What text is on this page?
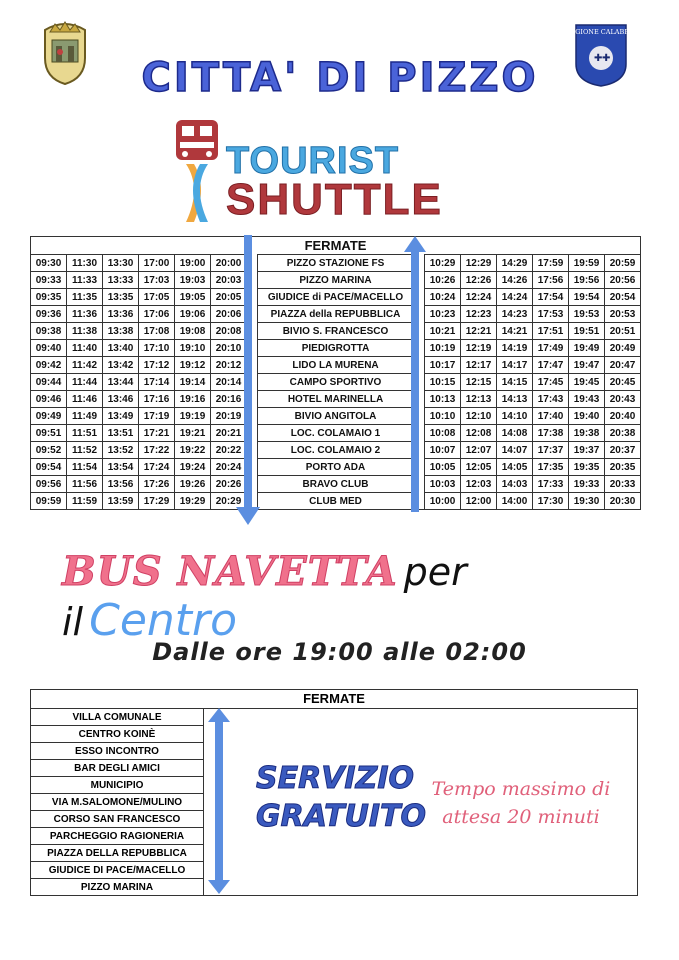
CITTA' DI PIZZO	✚ ✚
REGIONE CALABRIA
TOURIST
SHUTTLE
							FERMATE							
09:30	11:30	13:30	17:00	19:00	20:00		PIZZO STAZIONE FS		10:29	12:29	14:29	17:59	19:59	20:59
09:33	11:33	13:33	17:03	19:03	20:03		PIZZO MARINA		10:26	12:26	14:26	17:56	19:56	20:56
09:35	11:35	13:35	17:05	19:05	20:05		GIUDICE di PACE/MACELLO		10:24	12:24	14:24	17:54	19:54	20:54
09:36	11:36	13:36	17:06	19:06	20:06		PIAZZA della REPUBBLICA		10:23	12:23	14:23	17:53	19:53	20:53
09:38	11:38	13:38	17:08	19:08	20:08		BIVIO S. FRANCESCO		10:21	12:21	14:21	17:51	19:51	20:51
09:40	11:40	13:40	17:10	19:10	20:10		PIEDIGROTTA		10:19	12:19	14:19	17:49	19:49	20:49
09:42	11:42	13:42	17:12	19:12	20:12		LIDO LA MURENA		10:17	12:17	14:17	17:47	19:47	20:47
09:44	11:44	13:44	17:14	19:14	20:14		CAMPO SPORTIVO		10:15	12:15	14:15	17:45	19:45	20:45
09:46	11:46	13:46	17:16	19:16	20:16		HOTEL MARINELLA		10:13	12:13	14:13	17:43	19:43	20:43
09:49	11:49	13:49	17:19	19:19	20:19		BIVIO ANGITOLA		10:10	12:10	14:10	17:40	19:40	20:40
09:51	11:51	13:51	17:21	19:21	20:21		LOC. COLAMAIO 1		10:08	12:08	14:08	17:38	19:38	20:38
09:52	11:52	13:52	17:22	19:22	20:22		LOC. COLAMAIO 2		10:07	12:07	14:07	17:37	19:37	20:37
09:54	11:54	13:54	17:24	19:24	20:24		PORTO ADA		10:05	12:05	14:05	17:35	19:35	20:35
09:56	11:56	13:56	17:26	19:26	20:26		BRAVO CLUB		10:03	12:03	14:03	17:33	19:33	20:33
09:59	11:59	13:59	17:29	19:29	20:29		CLUB MED		10:00	12:00	14:00	17:30	19:30	20:30
BUS NAVETTA per il Centro
Dalle ore 19:00 alle 02:00
FERMATE
VILLA COMUNALE
CENTRO KOINÈ
ESSO INCONTRO
BAR DEGLI AMICI
MUNICIPIO
VIA M.SALOMONE/MULINO
CORSO SAN FRANCESCO
PARCHEGGIO RAGIONERIA
PIAZZA DELLA REPUBBLICA
GIUDICE DI PACE/MACELLO
PIZZO MARINA
SERVIZIO
GRATUITO
Tempo massimo di
attesa 20 minuti
